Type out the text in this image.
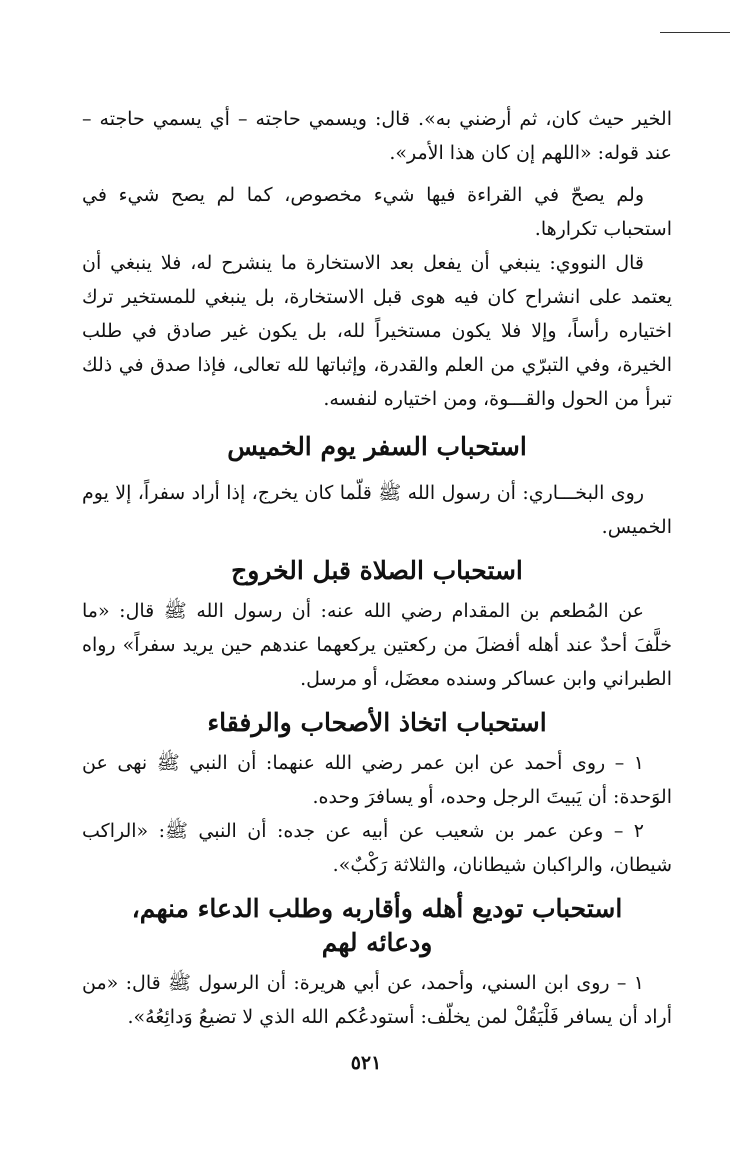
الخير حيث كان، ثم أرضني به». قال: ويسمي حاجته – أي يسمي حاجته – عند قوله: «اللهم إن كان هذا الأمر».

ولم يصحّ في القراءة فيها شيء مخصوص، كما لم يصح شيء في استحباب تكرارها.

قال النووي: ينبغي أن يفعل بعد الاستخارة ما ينشرح له، فلا ينبغي أن يعتمد على انشراح كان فيه هوى قبل الاستخارة، بل ينبغي للمستخير ترك اختياره رأساً، وإلا فلا يكون مستخيراً لله، بل يكون غير صادق في طلب الخيرة، وفي التبرّي من العلم والقدرة، وإثباتها لله تعالى، فإذا صدق في ذلك تبرأ من الحول والقـــوة، ومن اختياره لنفسه.

استحباب السفر يوم الخميس

روى البخـــاري: أن رسول الله ﷺ قلّما كان يخرج، إذا أراد سفراً، إلا يوم الخميس.

استحباب الصلاة قبل الخروج

عن المُطعم بن المقدام رضي الله عنه: أن رسول الله ﷺ قال: «ما خلَّفَ أحدٌ عند أهله أفضلَ من ركعتين يركعهما عندهم حين يريد سفراً» رواه الطبراني وابن عساكر وسنده معضَل، أو مرسل.

استحباب اتخاذ الأصحاب والرفقاء

١ – روى أحمد عن ابن عمر رضي الله عنهما: أن النبي ﷺ نهى عن الوَحدة: أن يَبيتَ الرجل وحده، أو يسافرَ وحده.

٢ – وعن عمر بن شعيب عن أبيه عن جده: أن النبي ﷺ: «الراكب شيطان، والراكبان شيطانان، والثلاثة رَكْبٌ».

استحباب توديع أهله وأقاربه وطلب الدعاء منهم،
ودعائه لهم

١ – روى ابن السني، وأحمد، عن أبي هريرة: أن الرسول ﷺ قال: «من أراد أن يسافر فَلْيَقُلْ لمن يخلّف: أستودعُكم الله الذي لا تضيعُ وَدائِعُهُ».

٥٢١
